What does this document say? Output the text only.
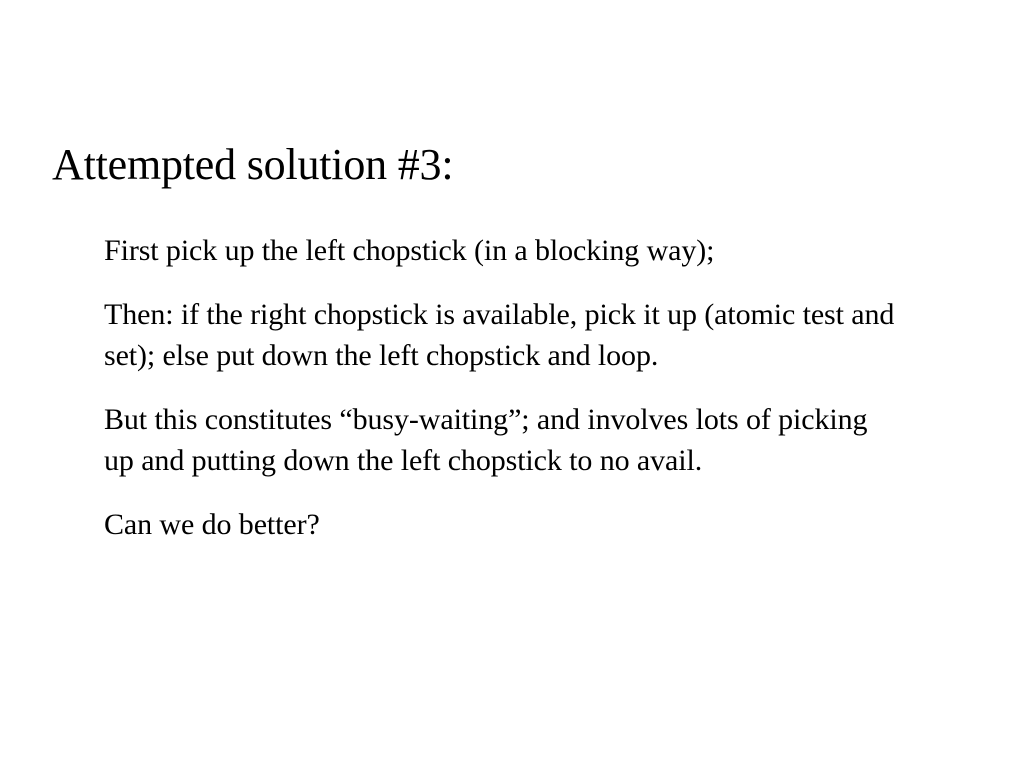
Attempted solution #3:
First pick up the left chopstick (in a blocking way);
Then: if the right chopstick is available, pick it up (atomic test and set); else put down the left chopstick and loop.
But this constitutes “busy-waiting”; and involves lots of picking up and putting down the left chopstick to no avail.
Can we do better?
